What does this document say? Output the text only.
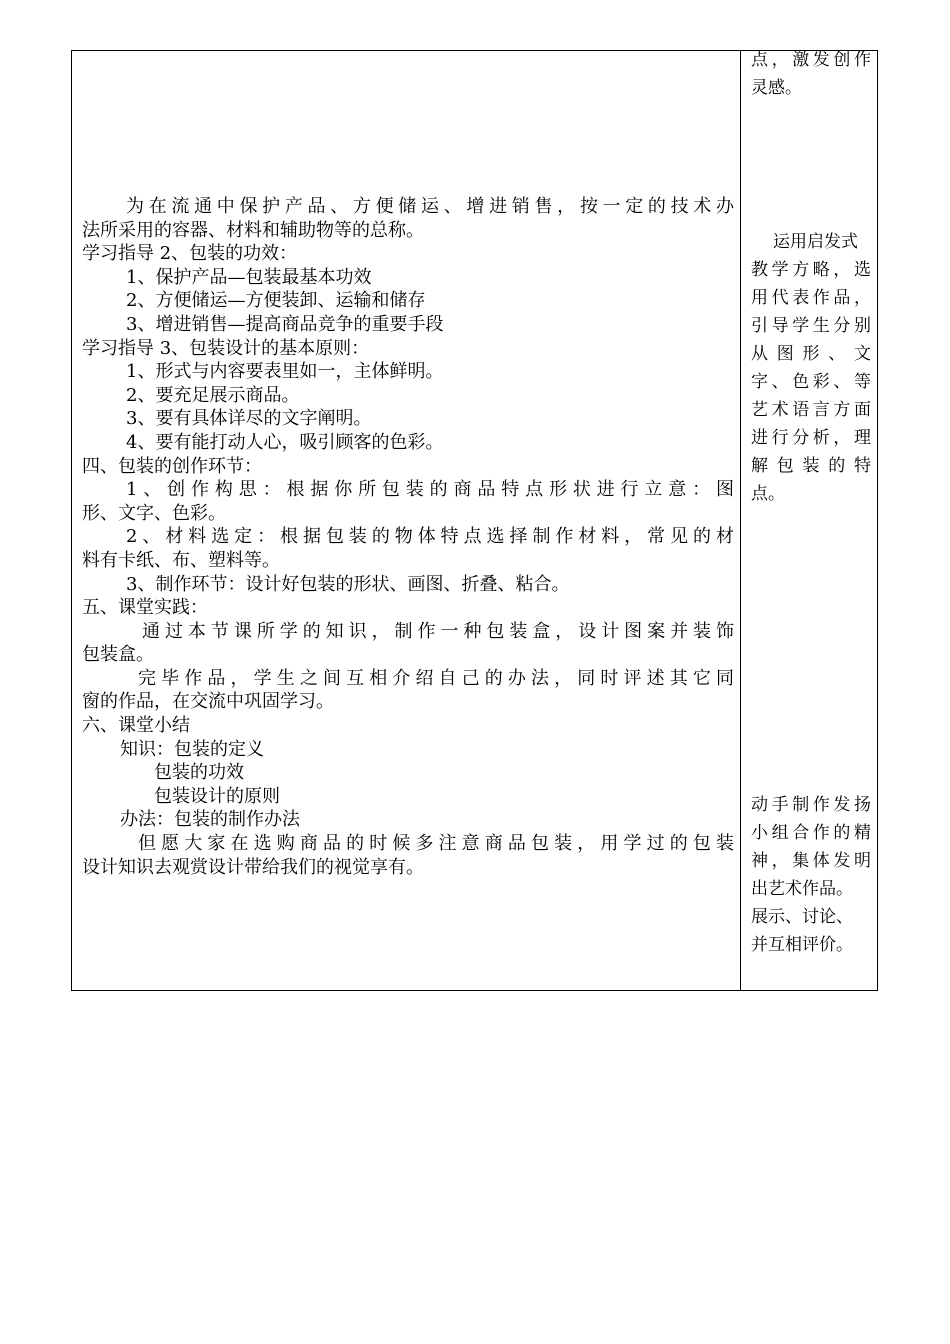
为在流通中保护产品、方便储运、增进销售，按一定的技术办
法所采用的容器、材料和辅助物等的总称。
学习指导 2、包装的功效：
1、保护产品—包装最基本功效
2、方便储运—方便装卸、运输和储存
3、增进销售—提高商品竞争的重要手段
学习指导 3、包装设计的基本原则：
1、形式与内容要表里如一，主体鲜明。
2、要充足展示商品。
3、要有具体详尽的文字阐明。
4、要有能打动人心，吸引顾客的色彩。
四、包装的创作环节：
1、创作构思：根据你所包装的商品特点形状进行立意：图
形、文字、色彩。
2、材料选定：根据包装的物体特点选择制作材料，常见的材
料有卡纸、布、塑料等。
3、制作环节：设计好包装的形状、画图、折叠、粘合。
五、课堂实践：
通过本节课所学的知识，制作一种包装盒，设计图案并装饰
包装盒。
完毕作品，学生之间互相介绍自己的办法，同时评述其它同
窗的作品，在交流中巩固学习。
六、课堂小结
知识：包装的定义
包装的功效
包装设计的原则
办法：包装的制作办法
但愿大家在选购商品的时候多注意商品包装，用学过的包装
设计知识去观赏设计带给我们的视觉享有。
点，激发创作
灵感。
运用启发式
教学方略，选
用代表作品，
引导学生分别
从图形、文
字、色彩、等
艺术语言方面
进行分析，理
解包装的特
点。
动手制作发扬
小组合作的精
神，集体发明
出艺术作品。
展示、讨论、
并互相评价。
